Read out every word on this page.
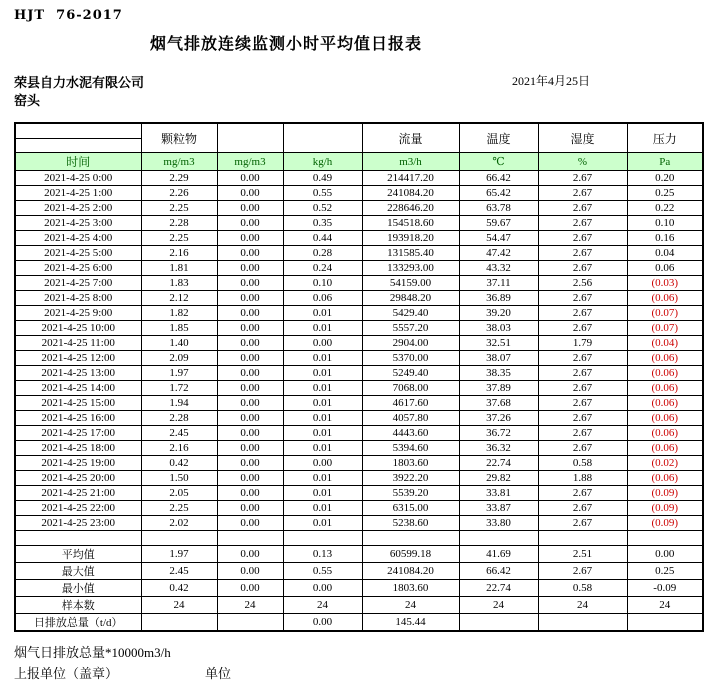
HJT  76-2017
烟气排放连续监测小时平均值日报表
荣县自力水泥有限公司	2021年4月25日
窑头
	颗粒物			流量	温度	湿度	压力
时间	mg/m3	mg/m3	kg/h	m3/h	℃	%	Pa
2021-4-25 0:00	2.29	0.00	0.49	214417.20	66.42	2.67	0.20
2021-4-25 1:00	2.26	0.00	0.55	241084.20	65.42	2.67	0.25
2021-4-25 2:00	2.25	0.00	0.52	228646.20	63.78	2.67	0.22
2021-4-25 3:00	2.28	0.00	0.35	154518.60	59.67	2.67	0.10
2021-4-25 4:00	2.25	0.00	0.44	193918.20	54.47	2.67	0.16
2021-4-25 5:00	2.16	0.00	0.28	131585.40	47.42	2.67	0.04
2021-4-25 6:00	1.81	0.00	0.24	133293.00	43.32	2.67	0.06
2021-4-25 7:00	1.83	0.00	0.10	54159.00	37.11	2.56	(0.03)
2021-4-25 8:00	2.12	0.00	0.06	29848.20	36.89	2.67	(0.06)
2021-4-25 9:00	1.82	0.00	0.01	5429.40	39.20	2.67	(0.07)
2021-4-25 10:00	1.85	0.00	0.01	5557.20	38.03	2.67	(0.07)
2021-4-25 11:00	1.40	0.00	0.00	2904.00	32.51	1.79	(0.04)
2021-4-25 12:00	2.09	0.00	0.01	5370.00	38.07	2.67	(0.06)
2021-4-25 13:00	1.97	0.00	0.01	5249.40	38.35	2.67	(0.06)
2021-4-25 14:00	1.72	0.00	0.01	7068.00	37.89	2.67	(0.06)
2021-4-25 15:00	1.94	0.00	0.01	4617.60	37.68	2.67	(0.06)
2021-4-25 16:00	2.28	0.00	0.01	4057.80	37.26	2.67	(0.06)
2021-4-25 17:00	2.45	0.00	0.01	4443.60	36.72	2.67	(0.06)
2021-4-25 18:00	2.16	0.00	0.01	5394.60	36.32	2.67	(0.06)
2021-4-25 19:00	0.42	0.00	0.00	1803.60	22.74	0.58	(0.02)
2021-4-25 20:00	1.50	0.00	0.01	3922.20	29.82	1.88	(0.06)
2021-4-25 21:00	2.05	0.00	0.01	5539.20	33.81	2.67	(0.09)
2021-4-25 22:00	2.25	0.00	0.01	6315.00	33.87	2.67	(0.09)
2021-4-25 23:00	2.02	0.00	0.01	5238.60	33.80	2.67	(0.09)

平均值	1.97	0.00	0.13	60599.18	41.69	2.51	0.00
最大值	2.45	0.00	0.55	241084.20	66.42	2.67	0.25
最小值	0.42	0.00	0.00	1803.60	22.74	0.58	-0.09
样本数	24	24	24	24	24	24	24
日排放总量（t/d）			0.00	145.44			
烟气日排放总量*10000m3/h
上报单位（盖章）	单位
